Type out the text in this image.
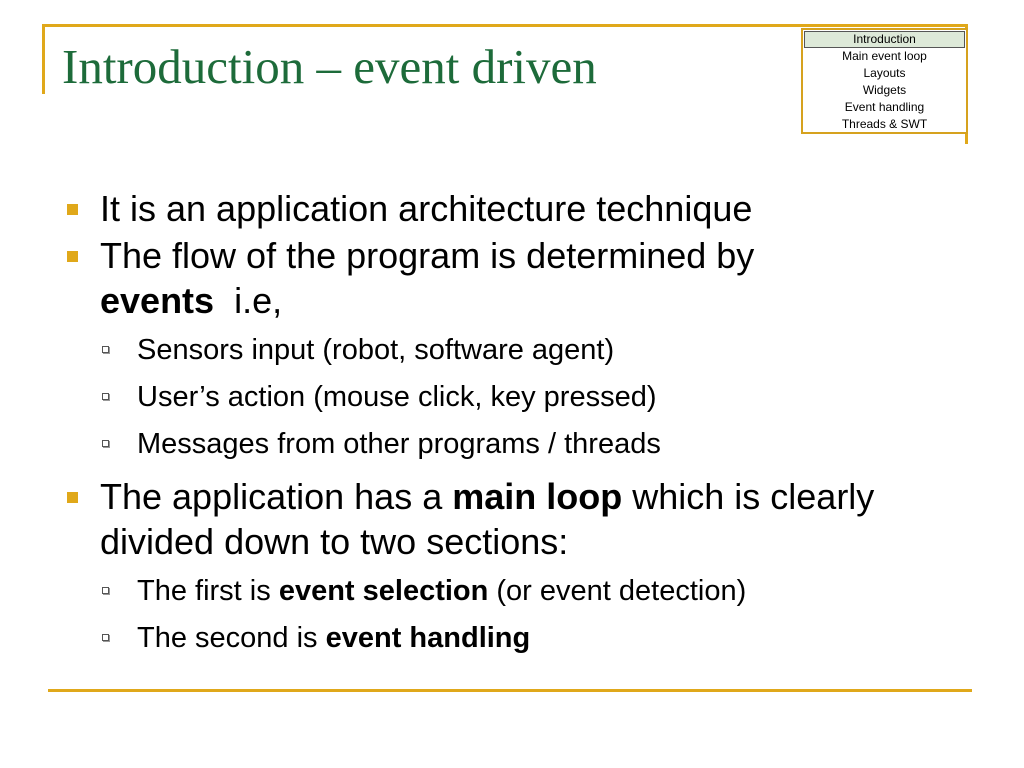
Introduction – event driven	Introduction
Main event loop
Layouts
Widgets
Event handling
Threads & SWT
It is an application architecture technique
The flow of the program is determined by
events  i.e,
Sensors input (robot, software agent)
User’s action (mouse click, key pressed)
Messages from other programs / threads
The application has a main loop which is clearly divided down to two sections:
The first is event selection (or event detection)
The second is event handling
